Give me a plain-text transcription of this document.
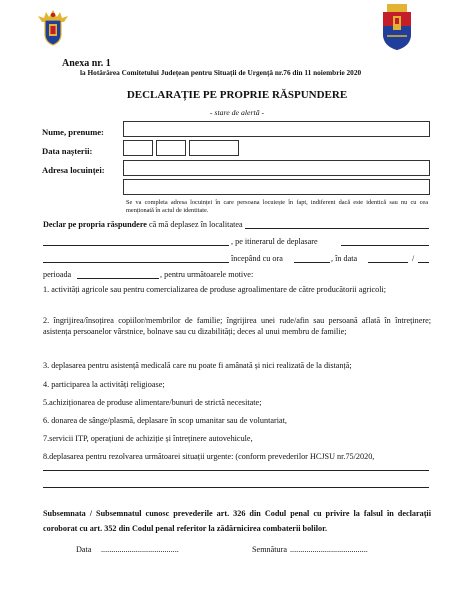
Anexa nr. 1
la Hotărârea Comitetului Județean pentru Situații de Urgență nr.76 din 11 noiembrie 2020
DECLARAȚIE PE PROPRIE RĂSPUNDERE
- stare de alertă -
Nume, prenume:
Data nașterii:
Adresa locuinței:
Se va completa adresa locuinței în care persoana locuiește în fapt, indiferent dacă este identică sau nu cu cea menționată în actul de identitate.
Declar pe propria răspundere că mă deplasez în localitatea
, pe itinerarul de deplasare
începând cu ora	, în data	/
perioada	, pentru următoarele motive:
1. activități agricole sau pentru comercializarea de produse agroalimentare de către producătorii agricoli;
2. îngrijirea/însoțirea copiilor/membrilor de familie; îngrijirea unei rude/afin sau persoană aflată în întreținere; asistența persoanelor vârstnice, bolnave sau cu dizabilități; deces al unui membru de familie;
3. deplasarea pentru asistență medicală care nu poate fi amânată și nici realizată de la distanță;
4. participarea la activități religioase;
5.achiziționarea de produse alimentare/bunuri de strictă necesitate;
6. donarea de sânge/plasmă, deplasare în scop umanitar sau de voluntariat,
7.servicii ITP, operațiuni de achiziție și întreținere autovehicule,
8.deplasarea pentru rezolvarea următoarei situații urgente: (conform prevederilor HCJSU nr.75/2020,
Subsemnata / Subsemnatul cunosc prevederile art. 326 din Codul penal cu privire la falsul în declarații coroborat cu art. 352 din Codul penal referitor la zădărnicirea combaterii bolilor.
Data ......................................	Semnătura ......................................
